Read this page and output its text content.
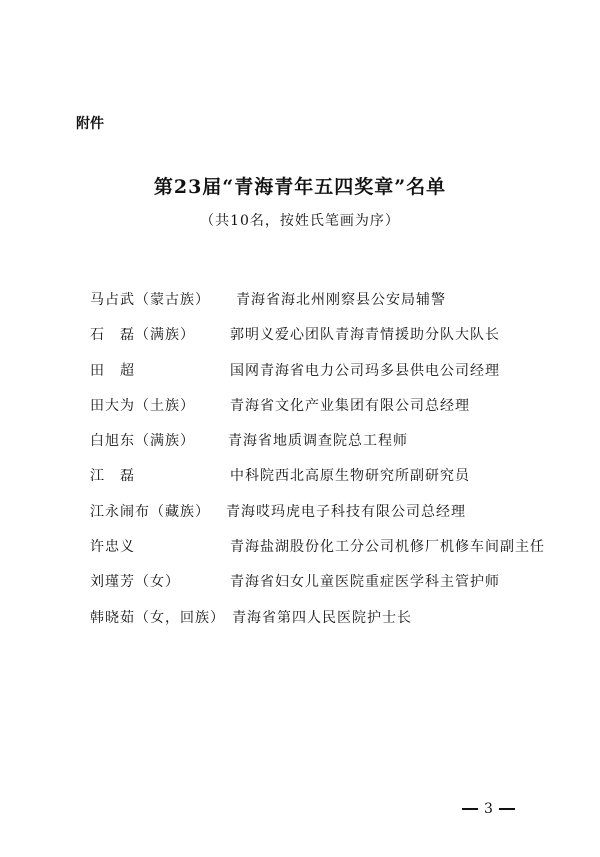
附件
第23届“青海青年五四奖章”名单
（共10名，按姓氏笔画为序）
马占武（蒙古族） 青海省海北州刚察县公安局辅警
石　磊（满族）	郭明义爱心团队青海青情援助分队大队长
田　超	国网青海省电力公司玛多县供电公司经理
田大为（土族）	青海省文化产业集团有限公司总经理
白旭东（满族） 青海省地质调查院总工程师
江　磊	中科院西北高原生物研究所副研究员
江永闹布（藏族） 青海哎玛虎电子科技有限公司总经理
许忠义	青海盐湖股份化工分公司机修厂机修车间副主任
刘瑾芳（女）	青海省妇女儿童医院重症医学科主管护师
韩晓茹（女，回族） 青海省第四人民医院护士长
3
